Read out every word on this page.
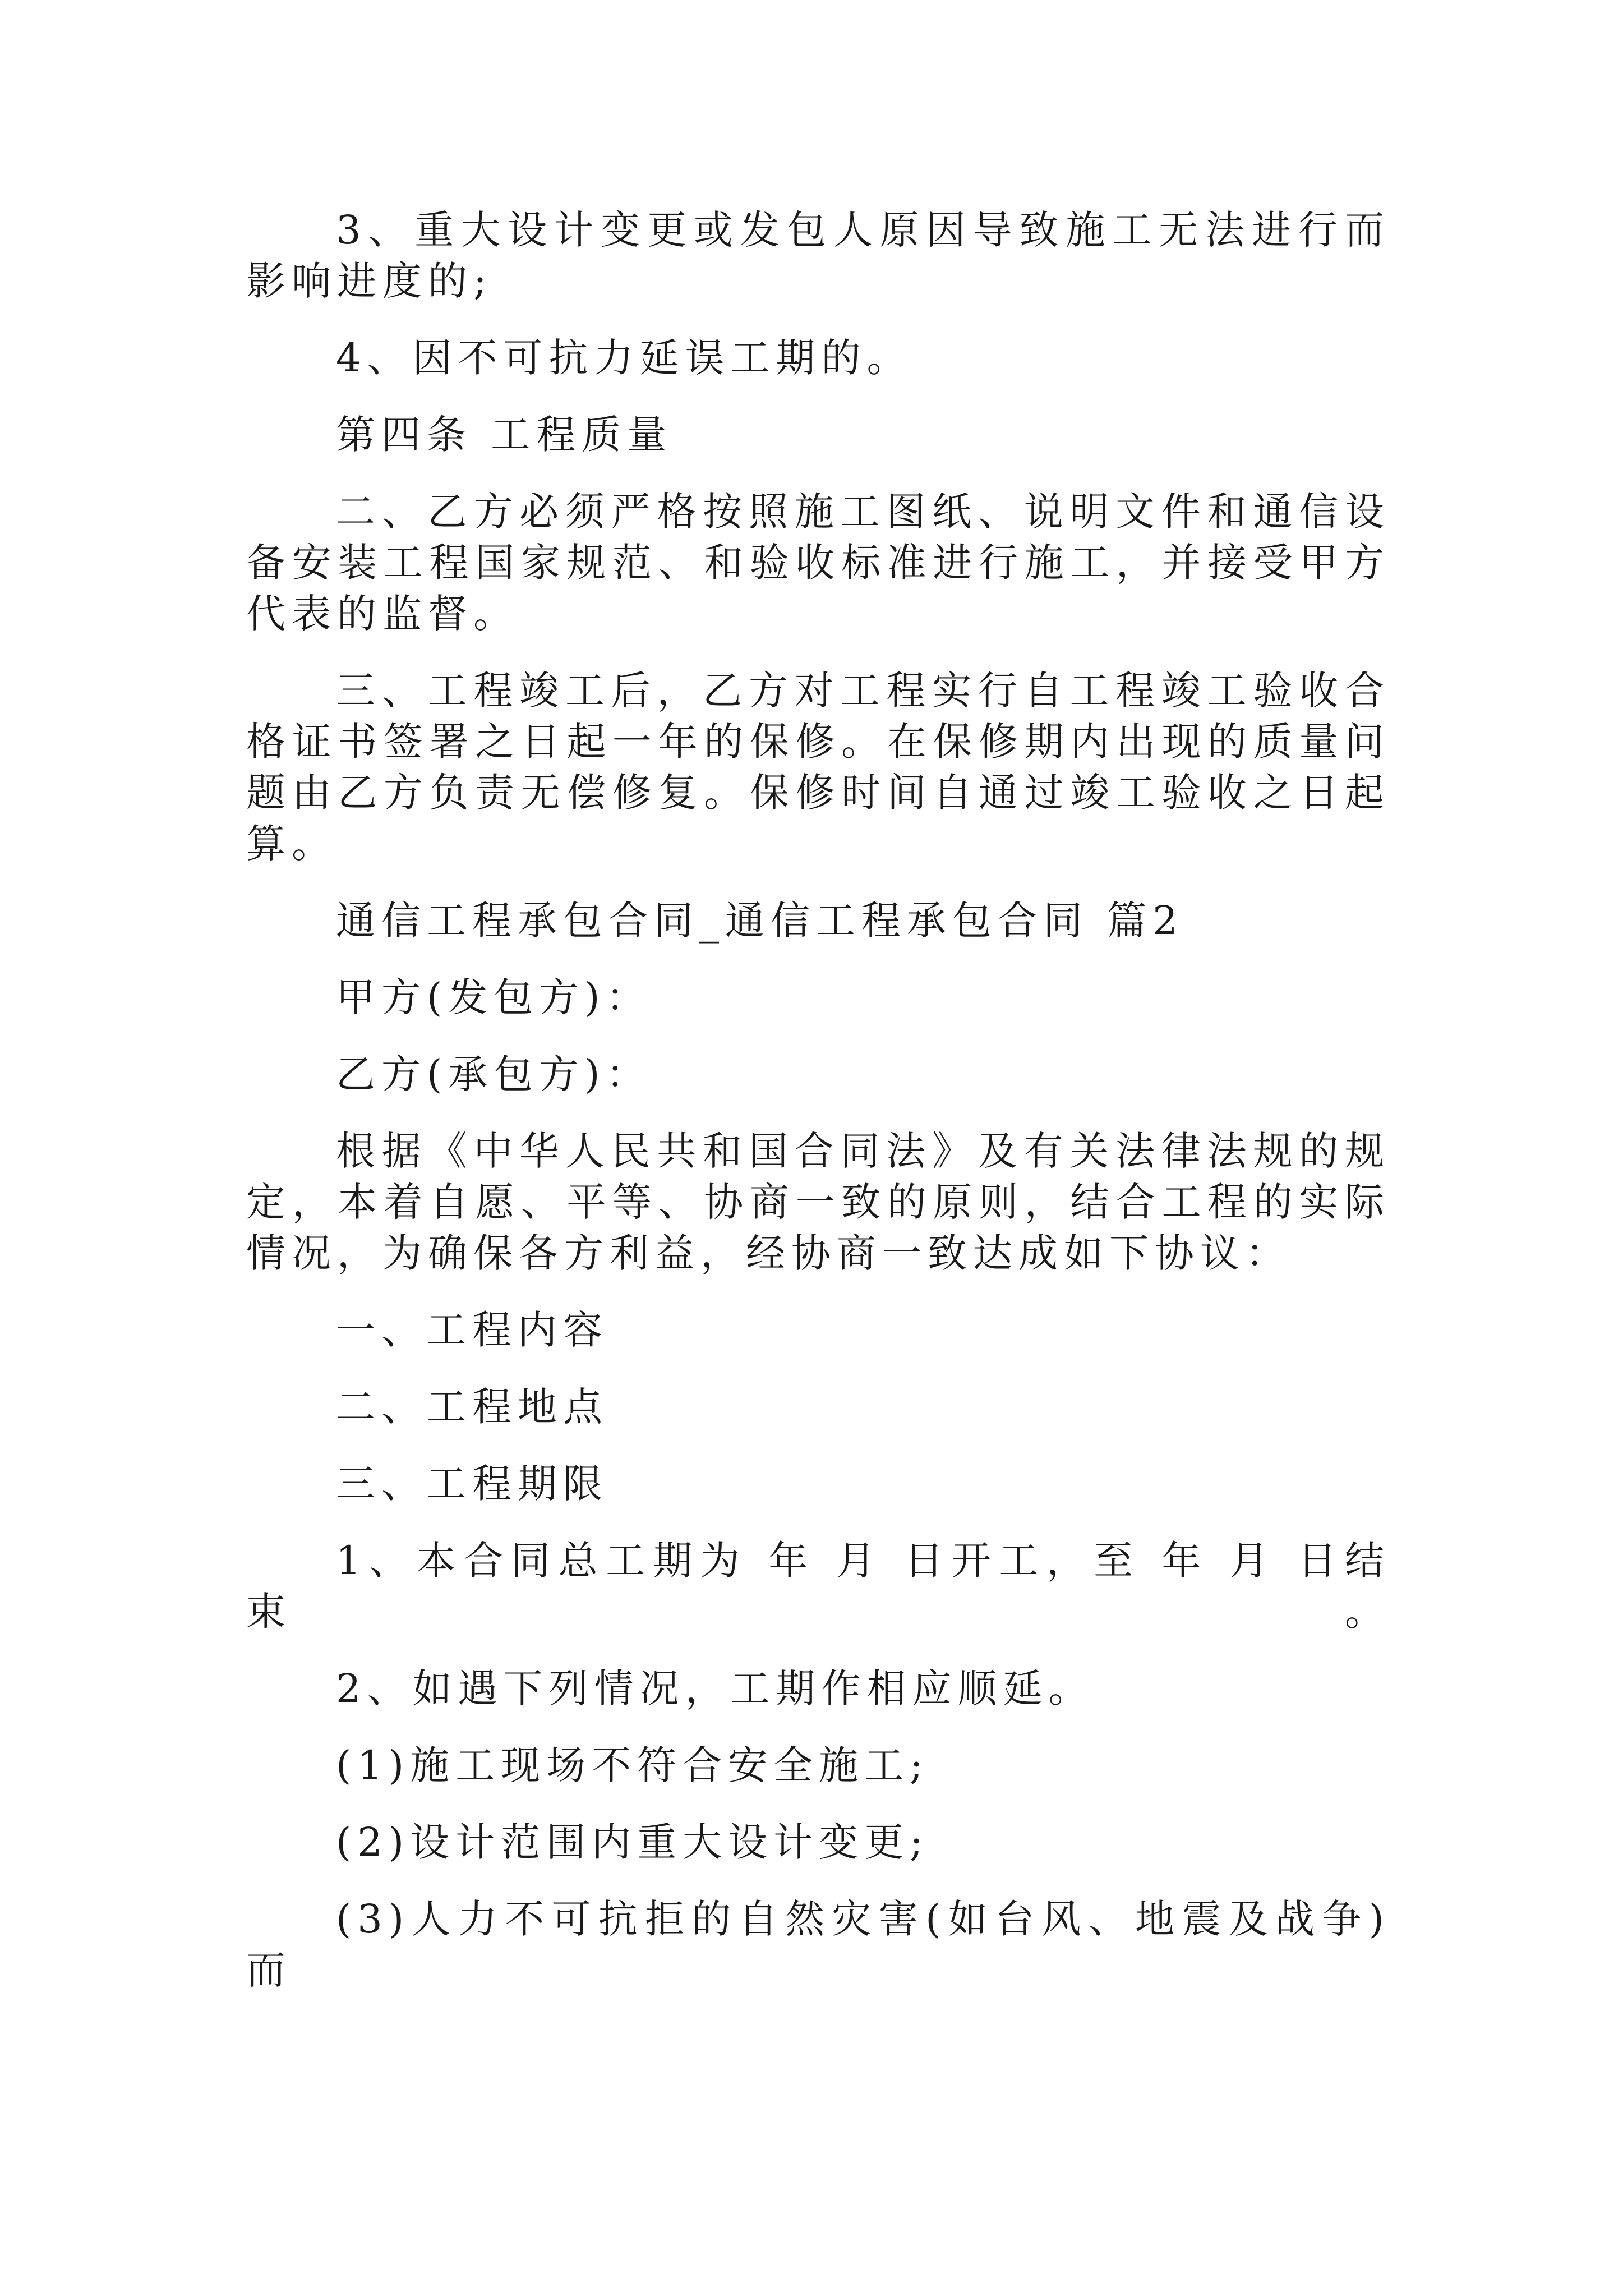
3、重大设计变更或发包人原因导致施工无法进行而影响进度的;

4、因不可抗力延误工期的。

第四条 工程质量

二、乙方必须严格按照施工图纸、说明文件和通信设备安装工程国家规范、和验收标准进行施工，并接受甲方代表的监督。

三、工程竣工后，乙方对工程实行自工程竣工验收合格证书签署之日起一年的保修。在保修期内出现的质量问题由乙方负责无偿修复。保修时间自通过竣工验收之日起算。

通信工程承包合同_通信工程承包合同 篇2

甲方(发包方)：

乙方(承包方)：

根据《中华人民共和国合同法》及有关法律法规的规定，本着自愿、平等、协商一致的原则，结合工程的实际情况，为确保各方利益，经协商一致达成如下协议：

一、工程内容

二、工程地点

三、工程期限

1、本合同总工期为 年 月 日开工，至 年 月 日结束。

2、如遇下列情况，工期作相应顺延。

(1)施工现场不符合安全施工;

(2)设计范围内重大设计变更;

(3)人力不可抗拒的自然灾害(如台风、地震及战争)而
